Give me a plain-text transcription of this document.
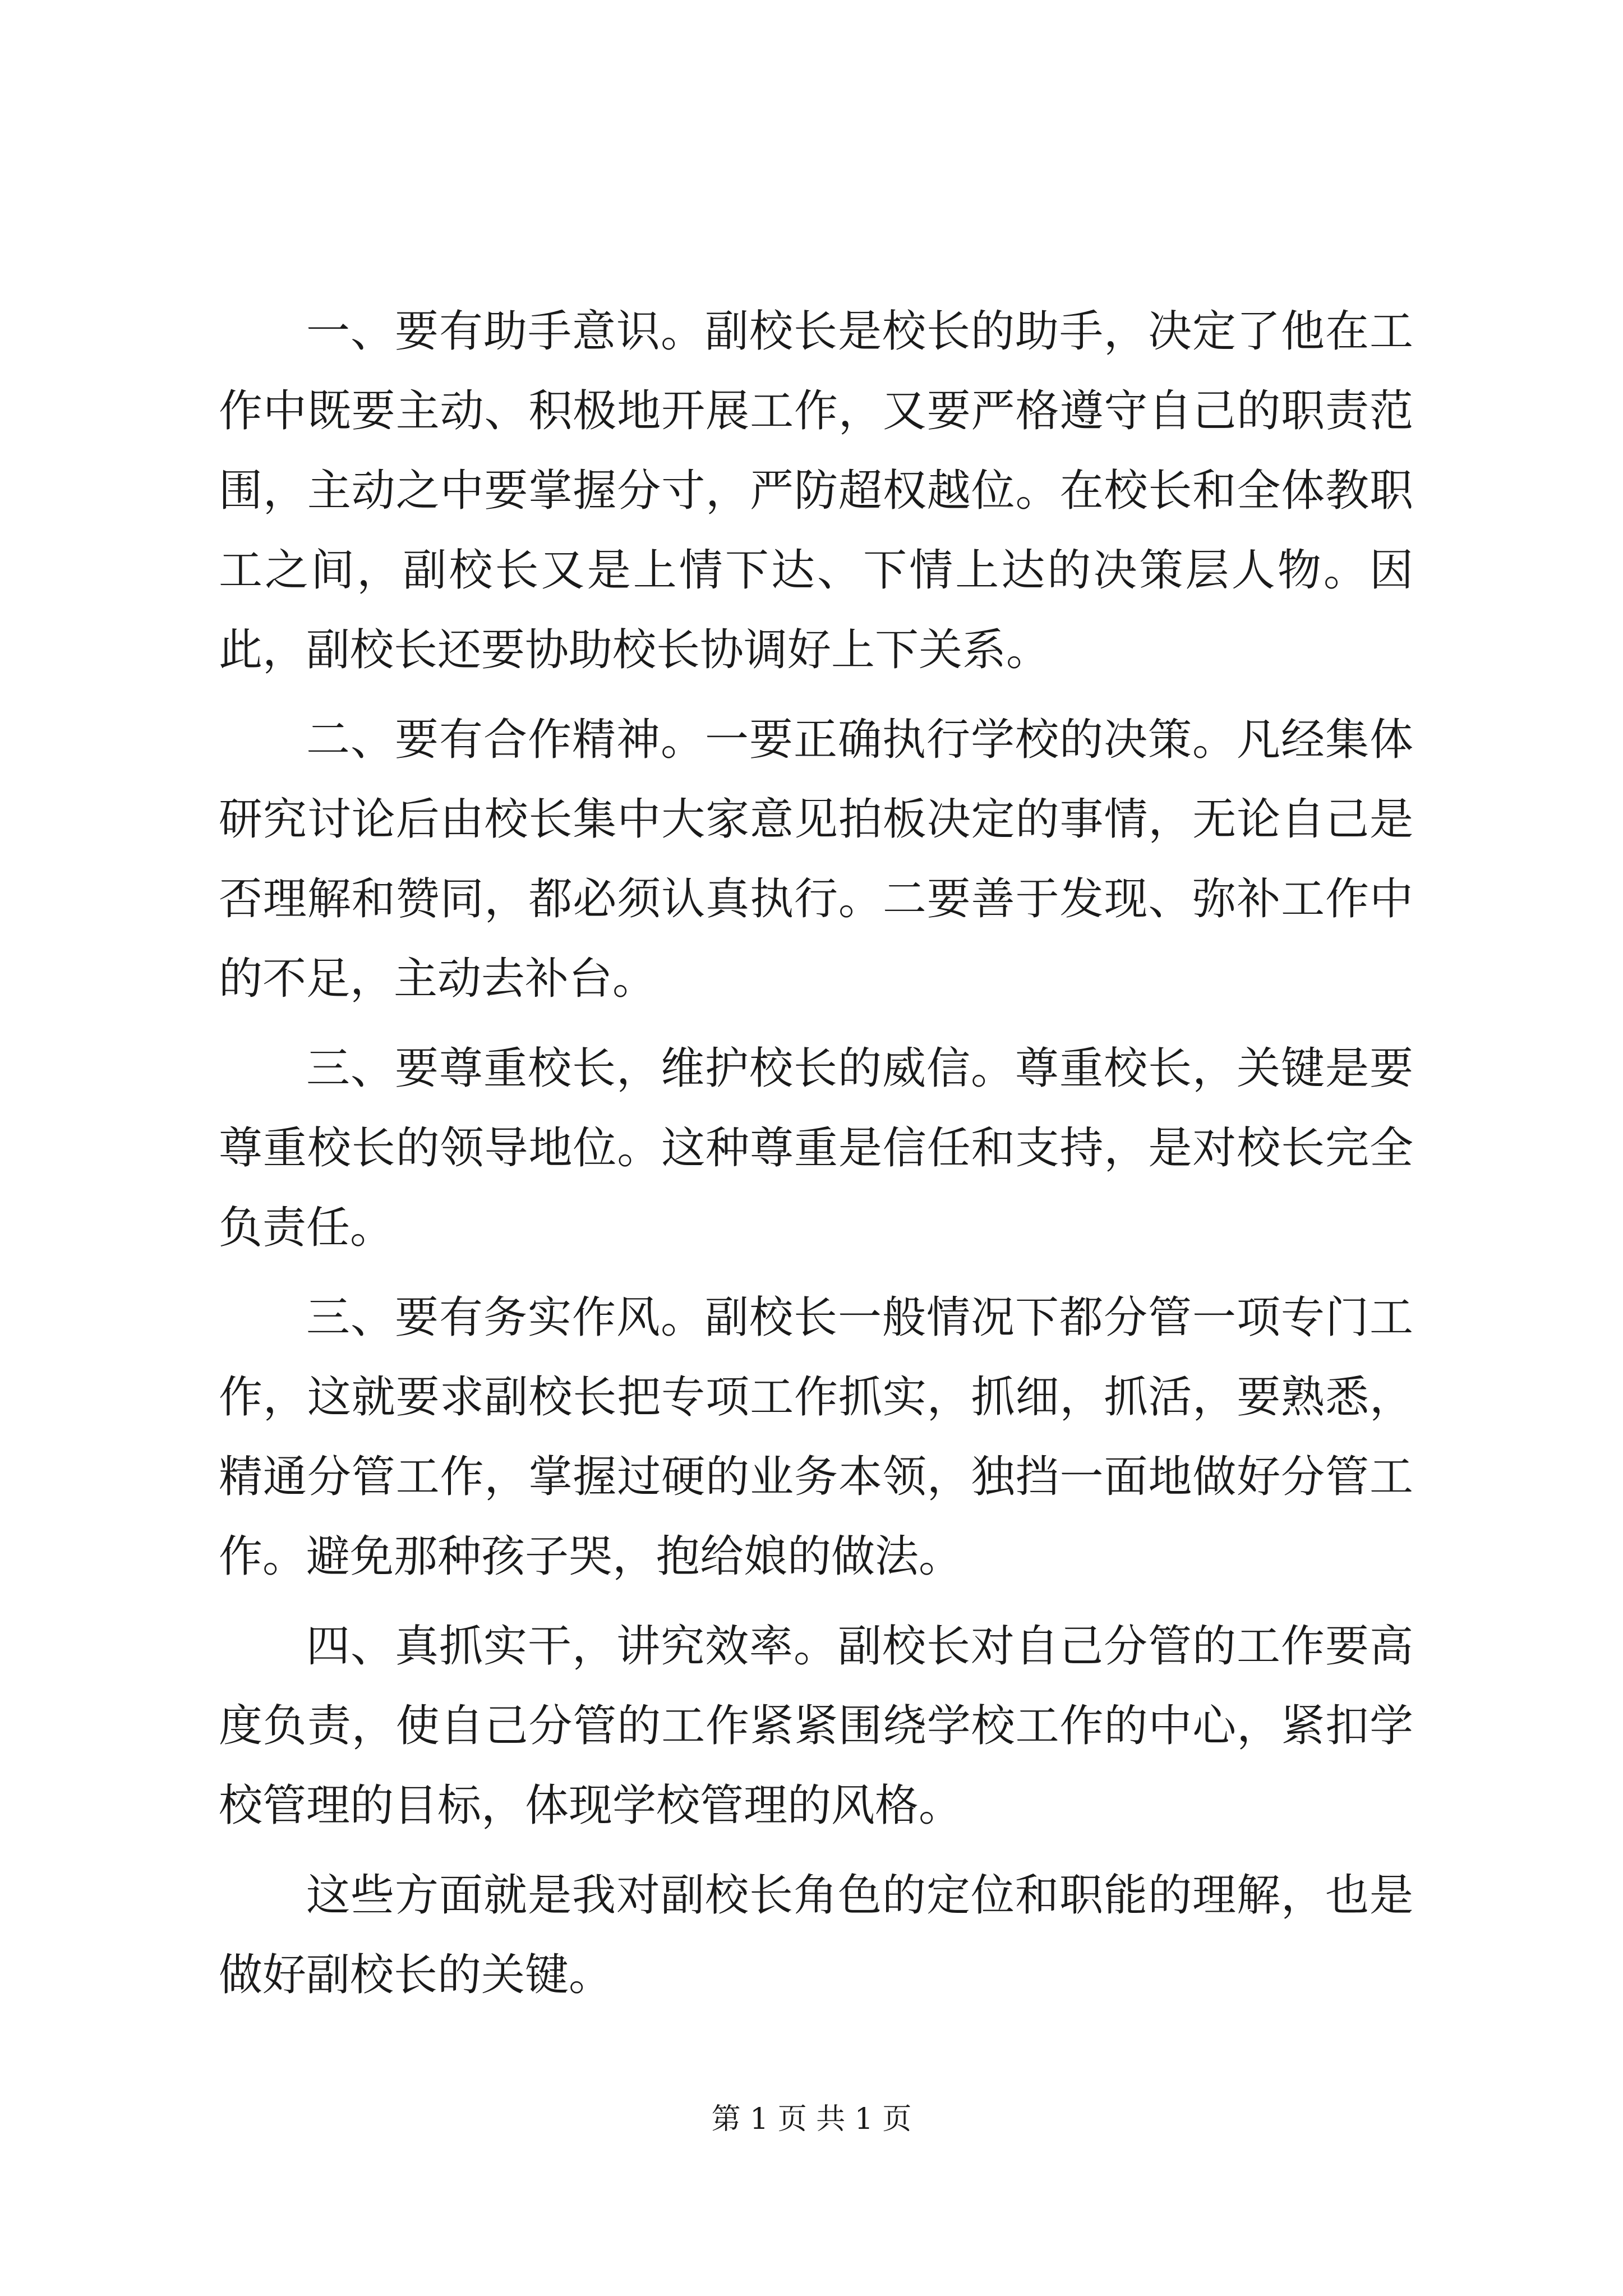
一、要有助手意识。副校长是校长的助手，决定了他在工作中既要主动、积极地开展工作，又要严格遵守自己的职责范围，主动之中要掌握分寸，严防超权越位。在校长和全体教职工之间，副校长又是上情下达、下情上达的决策层人物。因此，副校长还要协助校长协调好上下关系。

二、要有合作精神。一要正确执行学校的决策。凡经集体研究讨论后由校长集中大家意见拍板决定的事情，无论自己是否理解和赞同，都必须认真执行。二要善于发现、弥补工作中的不足，主动去补台。

三、要尊重校长，维护校长的威信。尊重校长，关键是要尊重校长的领导地位。这种尊重是信任和支持，是对校长完全负责任。

三、要有务实作风。副校长一般情况下都分管一项专门工作，这就要求副校长把专项工作抓实，抓细，抓活，要熟悉，精通分管工作，掌握过硬的业务本领，独挡一面地做好分管工作。避免那种孩子哭，抱给娘的做法。

四、真抓实干，讲究效率。副校长对自己分管的工作要高度负责，使自己分管的工作紧紧围绕学校工作的中心，紧扣学校管理的目标，体现学校管理的风格。

这些方面就是我对副校长角色的定位和职能的理解，也是做好副校长的关键。

第 1 页 共 1 页
